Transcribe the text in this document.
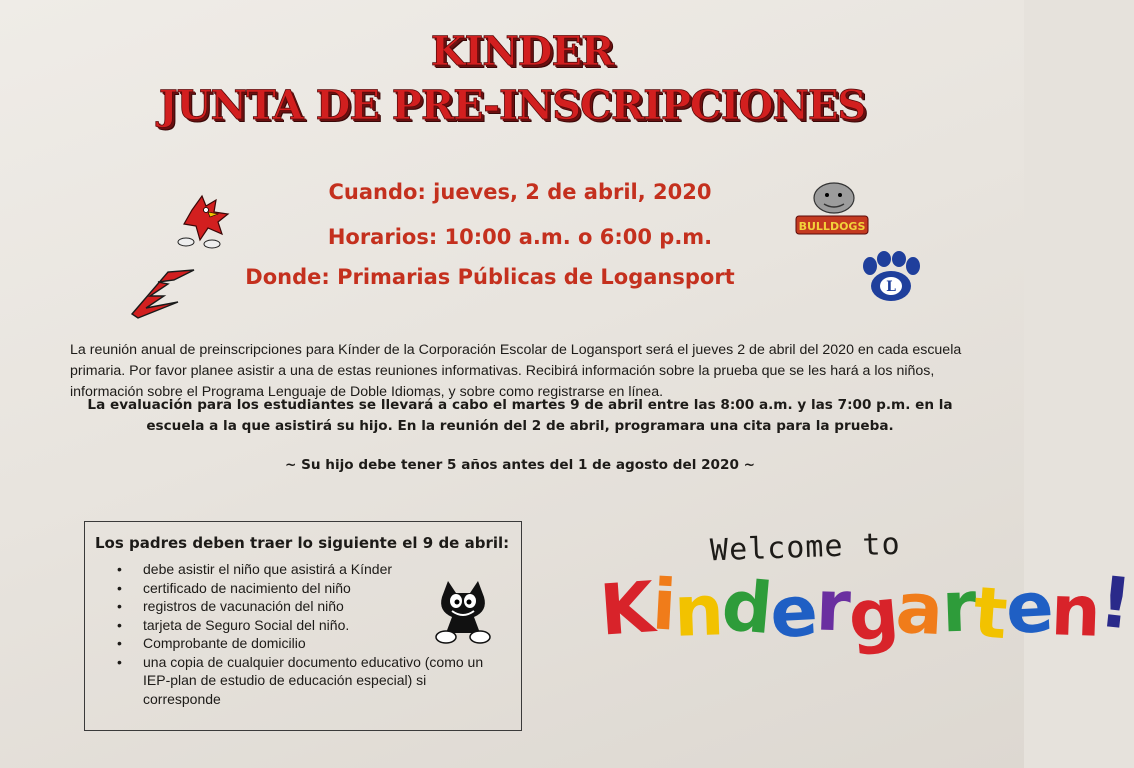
KINDER
JUNTA DE PRE-INSCRIPCIONES
Cuando: jueves, 2 de abril, 2020
Horarios: 10:00 a.m. o 6:00 p.m.
Donde: Primarias Públicas de Logansport
BULLDOGS
L
La reunión anual de preinscripciones para Kínder de la Corporación Escolar de Logansport será el jueves 2 de abril del 2020 en cada escuela primaria. Por favor planee asistir a una de estas reuniones informativas. Recibirá información sobre la prueba que se les hará a los niños, información sobre el Programa Lenguaje de Doble Idiomas, y sobre como registrarse en línea.
La evaluación para los estudiantes se llevará a cabo el martes 9 de abril entre las 8:00 a.m. y las 7:00 p.m. en la escuela a la que asistirá su hijo. En la reunión del 2 de abril, programara una cita para la prueba.
~ Su hijo debe tener 5 años antes del 1 de agosto del 2020 ~
Los padres deben traer lo siguiente el 9 de abril:
• debe asistir el niño que asistirá a Kínder
• certificado de nacimiento del niño
• registros de vacunación del niño
• tarjeta de Seguro Social del niño.
• Comprobante de domicilio
• una copia de cualquier documento educativo (como un IEP-plan de estudio de educación especial) si corresponde
Welcome to
Kindergarten!
